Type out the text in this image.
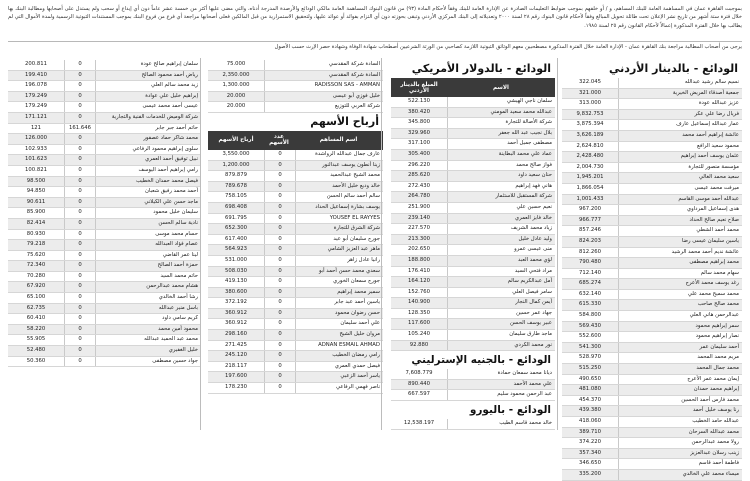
بموجبت القاهرة عمان في المساهمة العامة للبنك المساهم، و / أو خلفهم بموجب ضوابط التعليمات الصادرة عن الإدارة العامة للبنك وفقاً لأحكام المادة (٩٣) من قانون البنوك المساهمة العامة مالكي الودائع والأرصدة المدرجة أدناه، والتي مضى عليها أكثر من خمسة عشر عاماً دون أي إيداع أو سحب ولم يستدل على أصحابها ومطالبة البنك بها خلال فترة ستة أشهر من تاريخ نشر الإعلان تحت طائلة تحويل المبالغ وفقاً لأحكام قانون البنوك رقم ٢٨ لسنة ٢٠٠٠ وتعديلاته إلى البنك المركزي الأردني وتبقى بحوزته دون أي التزام بفوائد أو عوائد عليها، ولتحقيق الاستمرارية من قبل المالكين فعلى أصحابها مراجعة أي فرع من فروع البنك بموجب المستندات الثبوتية الرسمية ولمدة الأموال التي لم يطالب بها خلال الفترة المذكورة إعمالاً لأحكام القانون رقم ٢٥ لسنة ١٩٨٥.
يرجى من أصحاب المطالبة مراجعة بنك القاهرة عمان - الإدارة العامة خلال الفترة المذكورة مصطحبين معهم الوثائق الثبوتية اللازمة كصاحبي من الورثة الشرعيين أصطحاب شهادة الوفاة وشهادة حصر الإرث حسب الأصول
الودائع - بالدينار الأردني
نسيم سالم رشيد عبدالله
322.045
جمعية أصدقاء المريض الخيرية
321.000
عزيز عبدالله عودة
313.000
فريال رضا علي عكر
9,832.753
عمار عبدالله إسماعيل عارف
3,875.394
عائشة إبراهيم أحمد محمد
3,626.189
محمود سعيد الرافع
2,624.810
عثمان يوسف أحمد إبراهيم
2,428.480
مؤسسة منصور للتجارة
2,004.730
سعيد محمد الغالي
1,945.201
ميرفت محمد عيسى
1,866.054
عبدالله أحمد موسى القاسم
1,001.433
هدى إسماعيل المرداوي
967.200
صلاح نعيم صالح الحداد
966.777
محمد أحمد الشطي
857.246
ياسين سليمان عيسى رضا
824.203
عائشة نديم أحمد محمد الرشيد
812.260
محمد إبراهيم مصطفى
790.480
سهام محمد سالم
712.140
رغد يوسف محمد الأعرج
685.274
محمد سميح محمد علي
632.140
محمد صالح صاحب
615.330
عبدالرحمن هاني العلي
584.800
سمر إبراهيم محمود
569.430
نصار إبراهيم محمود
552.600
أحمد سليمان عمر
541.300
مريم محمد المحمد
528.970
محمد جمال المحمد
515.250
إيمان محمد عمر الأعرج
490.650
إبراهيم محمد حمدان
481.080
محمد فارس أحمد الحسين
454.370
رنا يوسف خليل أحمد
439.380
عبدالله حامد الخطيب
418.060
محمد عبدالله السرحان
389.710
رولا محمد عبدالرحمن
374.220
زينب رسلان عبدالعزيز
357.340
فاطمة أحمد قاسم
346.650
ميساء محمد علي الخالدي
335.200
الودائع - بالدولار الأمريكي
الاسم
المبلغ بالدينار الأردني
سلمان ناجي الهيشي
522.130
عبدالله محمد سعيد المومني
380.420
شركة الأصالة للتجارة
345.800
بلال نجيب عبد الله جعفر
329.960
مصطفى جميل أحمد
317.100
عماد علي محمد البطاينة
305.400
فواز صالح محمد
296.220
حنان سعيد داود
285.620
هاني فهد إبراهيم
272.430
شركة المستقبل للاستثمار
264.780
نعيم حسين علي
251.900
خالد فايز العمري
239.140
زياد محمد الشريف
227.570
وليد عادل خليل
213.300
منى عيسى عمرو
202.650
لؤي محمد العبد
188.800
مراد فتحي السيد
176.410
أمل عبدالكريم سالم
164.120
سامر فيصل العلي
152.760
أيمن كمال النجار
140.900
جهاد عمر حسين
128.350
عبير يوسف الحسن
117.600
ماجد طارق سليمان
105.240
نور محمد الكردي
92.880
الودائع - بالجنيه الإسترليني
ديانا محمد سمعان حمادة
7,608.779
علي محمد الأحمد
890.440
عبد الرحمن محمود سليم
667.597
الودائع - باليورو
خالد محمد قاسم الطيب
12,538.197
السادة شركة المقدسي
75.000
السادة شركة المقدسي
2,350.000
RADISSON SAS - AMMAN
1,300.000
خليل فوزي أبو عيسى
20.000
شركة العربي للتوزيع
20.000
أرباح الأسهم
اسم المساهم
عدد الأسهم
أرباح الأسهم
عارف جمال عبدالله الرواشدة
0
3,550.000
زينا أنطون يوسف عبدالنور
0
1,200.000
محمد الشيخ عبدالحميد
0
879.879
خالد وديع خليل الأحمد
0
789.678
سالم أحمد سالم الحسن
0
758.105
يوسف بشارة إسماعيل الحداد
0
698.408
YOUSEF EL RAYYES
0
691.795
شركة الشرق للتجارة
0
652.300
جورج سليمان أبو عيد
0
617.400
ماهر عبد العزيز الشامي
0
564.923
رانيا عادل زاهر
0
531.000
سعدي محمد حسن أحمد أبو
0
508.030
جورج سمعان الخوري
0
419.130
سمير محمد إبراهيم
0
380.600
ياسين أحمد عبد جابر
0
372.192
حسن رضوان محمود
0
360.912
علي أحمد سليمان
0
360.912
مروان خليل الشيخ
0
298.160
ADNAN ESMAIL AHMAD
0
271.425
رامي رمضان الخطيب
0
245.120
فيصل حمدي العمري
0
218.117
ياسر أحمد الزعبي
0
197.600
ناصر فهمي الرفاعي
0
178.230
سلمان إبراهيم صالح عودة
0
200.811
رياض أحمد محمود الصالح
0
199.410
زيد محمد سالم العلي
0
196.078
إبراهيم خليل علي عوادة
0
179.249
عيسى أحمد محمد عيسى
0
179.249
شركة الوميض للخدمات الفنية والتجارية
0
171.121
حاتم أحمد جبر جابر
161.646
121
محمد شاكر حماد عصفور
0
126.000
سلوى إبراهيم محمود الرفاعي
0
102.933
نبيل توفيق أحمد العمري
0
101.623
رامي إبراهيم أحمد اليوسف
0
100.821
فيصل محمد حمدان الخطيب
0
98.500
أحمد محمد رفيق شعبان
0
94.850
ماجد حسن علي الكيلاني
0
90.611
سليمان خليل محمود
0
85.900
نادية سالم الحسن
0
82.414
حسام محمد موسى
0
80.930
عصام فؤاد العبدالله
0
79.218
لينا عمر القاضي
0
75.620
حمزة أحمد الصالح
0
72.340
حاتم محمد السيد
0
70.280
هشام محمد عبدالرحمن
0
67.920
رشا أحمد الخالدي
0
65.100
باسل منير عبدالله
0
62.735
كريم سامي داود
0
60.410
محمود أمين محمد
0
58.220
محمد عبد الحميد عبدالله
0
55.905
خليل الغفيري
0
52.480
جواد حسين مصطفى
0
50.360
